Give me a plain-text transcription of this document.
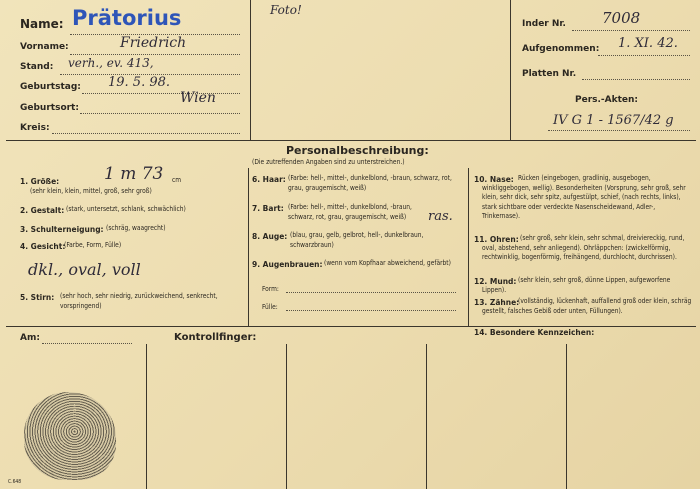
Name: Prätorius
Vorname:	Friedrich
Stand: verh., ev. 413,
Geburtstag: 19. 5. 98.
Geburtsort:
Wien
Kreis:
Foto!
Inder Nr. 7008
Aufgenommen: 1. XI. 42.
Platten Nr.
Pers.-Akten:
IV G 1 - 1567/42 g
Personalbeschreibung:
(Die zutreffenden Angaben sind zu unterstreichen.)
1. Größe:	1 m 73 cm
(sehr klein, klein, mittel, groß, sehr groß)
2. Gestalt: (stark, untersetzt, schlank, schwächlich)
3. Schulterneigung: (schräg, waagrecht)
4. Gesicht:
(Farbe, Form, Fülle)
dkl., oval, voll
5. Stirn: (sehr hoch, sehr niedrig, zurückweichend, senkrecht, vorspringend)
6. Haar: (Farbe: hell-, mittel-, dunkelblond, -braun, schwarz, rot, grau, graugemischt, weiß)
7. Bart: (Farbe: hell-, mittel-, dunkelblond, -braun, schwarz, rot, grau, graugemischt, weiß)	ras.
8. Auge: (blau, grau, gelb, gelbrot, hell-, dunkelbraun, schwarzbraun)
9. Augenbrauen: (wenn vom Kopfhaar abweichend, gefärbt)
Form:
Fülle:
10. Nase: Rücken (eingebogen, gradlinig, ausgebogen, winkliggebogen, wellig). Besonderheiten (Vorsprung, sehr groß, sehr klein, sehr dick, sehr spitz, aufgestülpt, schief, (nach rechts, links), stark sichtbare oder verdeckte Nasenscheidewand, Adler-, Trinkernase).
11. Ohren: (sehr groß, sehr klein, sehr schmal, dreiviereckig, rund, oval, abstehend, sehr anliegend). Ohrläppchen: (zwickelförmig, rechtwinklig, bogenförmig, freihängend, durchlocht, durchrissen).
12. Mund: (sehr klein, sehr groß, dünne Lippen, aufgeworfene Lippen).
13. Zähne:
(vollständig, lückenhaft, auffallend groß oder klein, schräg gestellt, falsches Gebiß oder unten, Füllungen).
14. Besondere Kennzeichen:
Am:	Kontrollfinger:
C.648
